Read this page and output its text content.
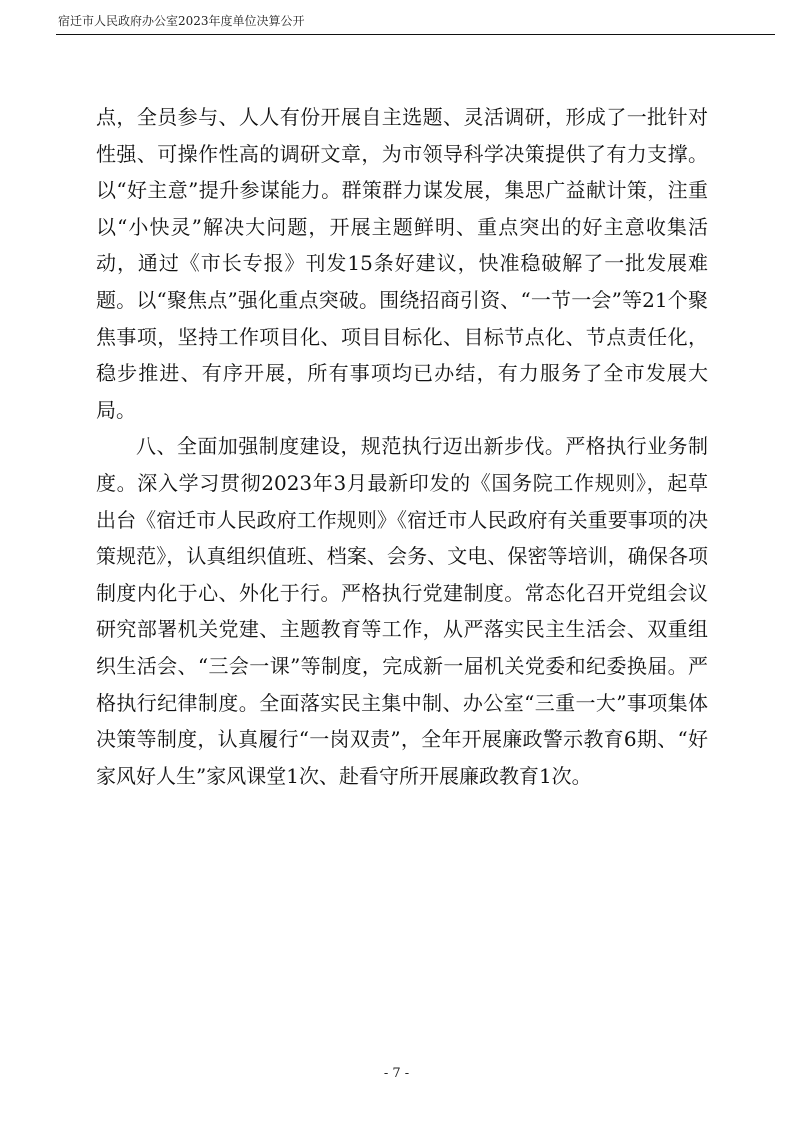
宿迁市人民政府办公室2023年度单位决算公开

点，全员参与、人人有份开展自主选题、灵活调研，形成了一批针对性强、可操作性高的调研文章，为市领导科学决策提供了有力支撑。以“好主意”提升参谋能力。群策群力谋发展，集思广益献计策，注重以“小快灵”解决大问题，开展主题鲜明、重点突出的好主意收集活动，通过《市长专报》刊发15条好建议，快准稳破解了一批发展难题。以“聚焦点”强化重点突破。围绕招商引资、“一节一会”等21个聚焦事项，坚持工作项目化、项目目标化、目标节点化、节点责任化，稳步推进、有序开展，所有事项均已办结，有力服务了全市发展大局。

八、全面加强制度建设，规范执行迈出新步伐。严格执行业务制度。深入学习贯彻2023年3月最新印发的《国务院工作规则》，起草出台《宿迁市人民政府工作规则》《宿迁市人民政府有关重要事项的决策规范》，认真组织值班、档案、会务、文电、保密等培训，确保各项制度内化于心、外化于行。严格执行党建制度。常态化召开党组会议研究部署机关党建、主题教育等工作，从严落实民主生活会、双重组织生活会、“三会一课”等制度，完成新一届机关党委和纪委换届。严格执行纪律制度。全面落实民主集中制、办公室“三重一大”事项集体决策等制度，认真履行“一岗双责”，全年开展廉政警示教育6期、“好家风好人生”家风课堂1次、赴看守所开展廉政教育1次。

- 7 -
